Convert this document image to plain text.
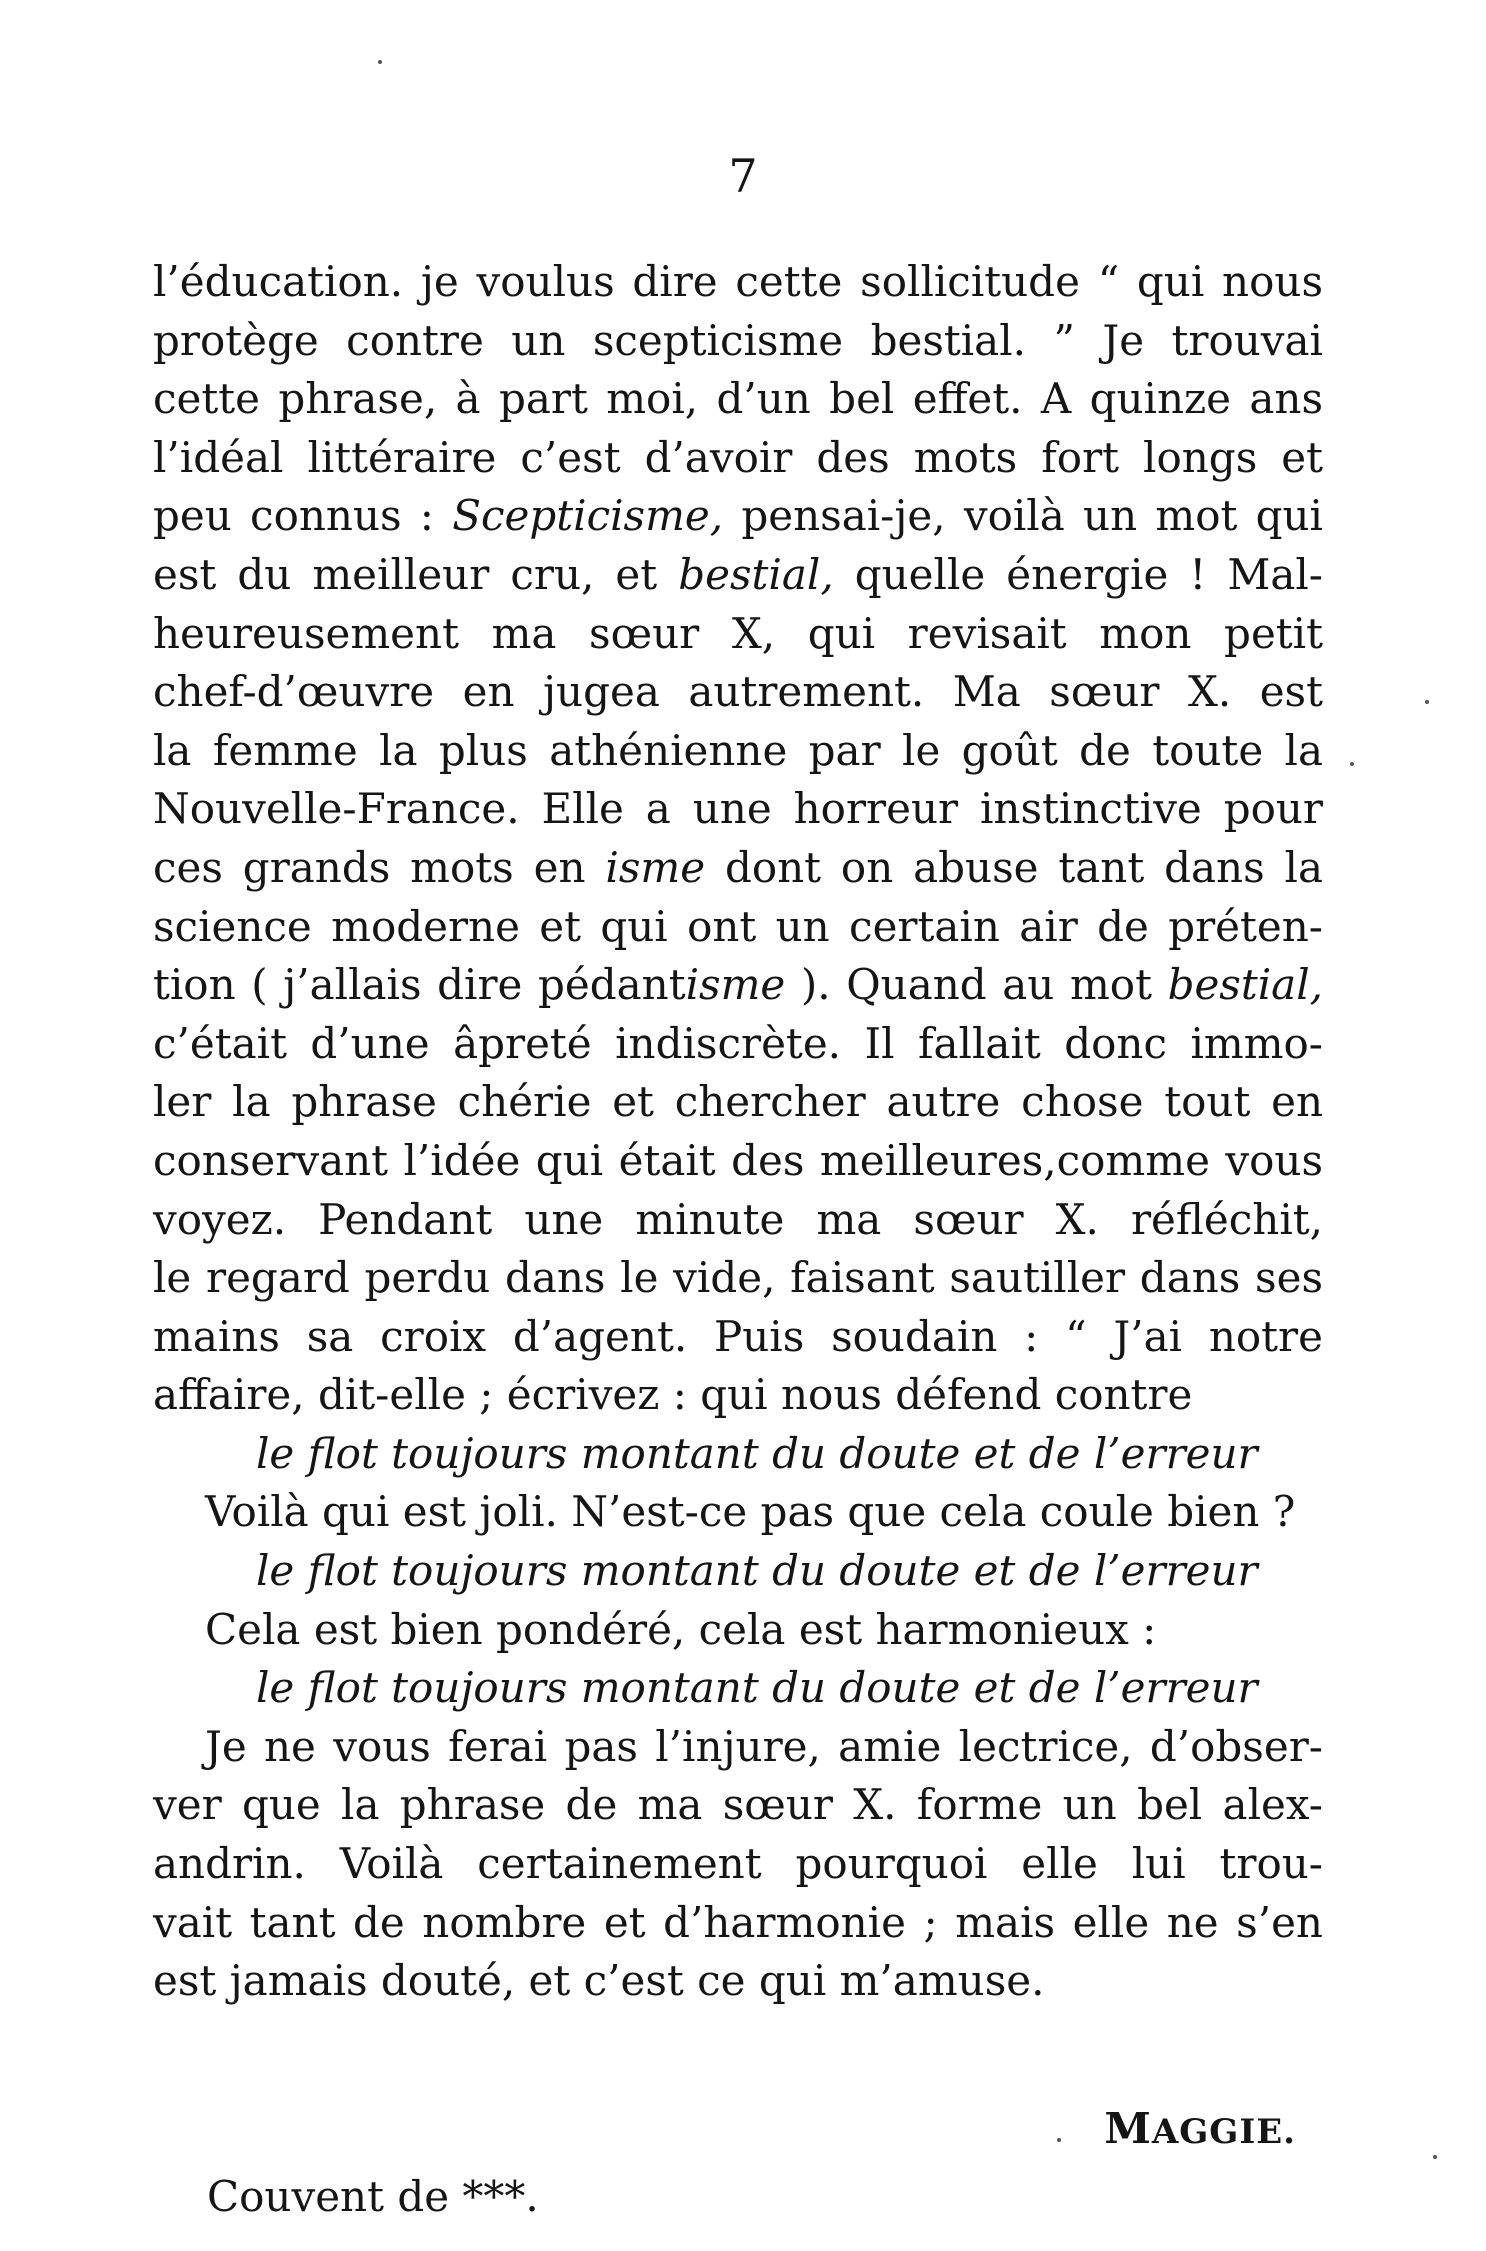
7
l’éducation. je voulus dire cette sollicitude “ qui nous
protège contre un scepticisme bestial. ” Je trouvai
cette phrase, à part moi, d’un bel effet. A quinze ans
l’idéal littéraire c’est d’avoir des mots fort longs et
peu connus : Scepticisme, pensai-je, voilà un mot qui
est du meilleur cru, et bestial, quelle énergie ! Mal-
heureusement ma sœur X, qui revisait mon petit
chef-d’œuvre en jugea autrement. Ma sœur X. est
la femme la plus athénienne par le goût de toute la
Nouvelle-France. Elle a une horreur instinctive pour
ces grands mots en isme dont on abuse tant dans la
science moderne et qui ont un certain air de préten-
tion ( j’allais dire pédantisme ). Quand au mot bestial,
c’était d’une âpreté indiscrète. Il fallait donc immo-
ler la phrase chérie et chercher autre chose tout en
conservant l’idée qui était des meilleures,comme vous
voyez. Pendant une minute ma sœur X. réfléchit,
le regard perdu dans le vide, faisant sautiller dans ses
mains sa croix d’agent. Puis soudain : “ J’ai notre
affaire, dit-elle ; écrivez : qui nous défend contre
le flot toujours montant du doute et de l’erreur
Voilà qui est joli. N’est-ce pas que cela coule bien ?
le flot toujours montant du doute et de l’erreur
Cela est bien pondéré, cela est harmonieux :
le flot toujours montant du doute et de l’erreur
Je ne vous ferai pas l’injure, amie lectrice, d’obser-
ver que la phrase de ma sœur X. forme un bel alex-
andrin. Voilà certainement pourquoi elle lui trou-
vait tant de nombre et d’harmonie ; mais elle ne s’en
est jamais douté, et c’est ce qui m’amuse.
MAGGIE.
Couvent de ***.
